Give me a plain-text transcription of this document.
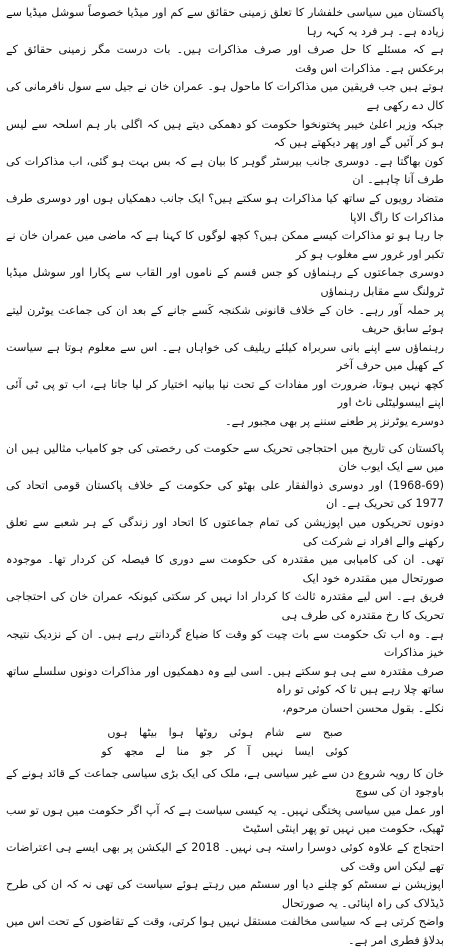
پاکستان میں سیاسی خلفشار کا تعلق زمینی حقائق سے کم اور میڈیا خصوصاً سوشل میڈیا سے زیادہ ہے۔ ہر فرد یہ کہہ رہا

ہے کہ مسئلے کا حل صرف اور صرف مذاکرات ہیں۔ بات درست مگر زمینی حقائق کے برعکس ہے۔ مذاکرات اس وقت

ہوتے ہیں جب فریقین میں مذاکرات کا ماحول ہو۔ عمران خان نے جیل سے سول نافرمانی کی کال دے رکھی ہے

جبکہ وزیر اعلیٰ خیبر پختونخوا حکومت کو دھمکی دیتے ہیں کہ اگلی بار ہم اسلحہ سے لیس ہو کر آئیں گے اور پھر دیکھتے ہیں کہ

کون بھاگتا ہے۔ دوسری جانب بیرسٹر گوہر کا بیان ہے کہ بس بہت ہو گئی، اب مذاکرات کی طرف آنا چاہیے۔ ان

متضاد رویوں کے ساتھ کیا مذاکرات ہو سکتے ہیں؟ ایک جانب دھمکیاں ہوں اور دوسری طرف مذاکرات کا راگ الاپا

جا رہا ہو تو مذاکرات کیسے ممکن ہیں؟ کچھ لوگوں کا کہنا ہے کہ ماضی میں عمران خان نے تکبر اور غرور سے مغلوب ہو کر

دوسری جماعتوں کے رہنماؤں کو جس قسم کے ناموں اور القاب سے پکارا اور سوشل میڈیا ٹرولنگ سے مقابل رہنماؤں

پر حملہ آور رہے۔ خان کے خلاف قانونی شکنجہ کَسے جانے کے بعد ان کی جماعت یوٹرن لیتے ہوئے سابق حریف

رہنماؤں سے اپنے بانی سربراہ کیلئے ریلیف کی خواہاں ہے۔ اس سے معلوم ہوتا ہے سیاست کے کھیل میں حرف آخر

کچھ نہیں ہوتا، ضرورت اور مفادات کے تحت نیا بیانیہ اختیار کر لیا جاتا ہے، اب تو پی ٹی آئی اپنے ایبسولیٹلی ناٹ اور

دوسرے یوٹرنز پر طعنے سننے پر بھی مجبور ہے۔

پاکستان کی تاریخ میں احتجاجی تحریک سے حکومت کی رخصتی کی جو کامیاب مثالیں ہیں ان میں سے ایک ایوب خان

(1968-69) اور دوسری ذوالفقار علی بھٹو کی حکومت کے خلاف پاکستان قومی اتحاد کی 1977 کی تحریک ہے۔ ان

دونوں تحریکوں میں اپوزیشن کی تمام جماعتوں کا اتحاد اور زندگی کے ہر شعبے سے تعلق رکھنے والے افراد نے شرکت کی

تھی۔ ان کی کامیابی میں مقتدرہ کی حکومت سے دوری کا فیصلہ کن کردار تھا۔ موجودہ صورتحال میں مقتدرہ خود ایک

فریق ہے۔ اس لیے مقتدرہ ثالث کا کردار ادا نہیں کر سکتی کیونکہ عمران خان کی احتجاجی تحریک کا رخ مقتدرہ کی طرف ہی

ہے۔ وہ اب تک حکومت سے بات چیت کو وقت کا ضیاع گردانتے رہے ہیں۔ ان کے نزدیک نتیجہ خیز مذاکرات

صرف مقتدرہ سے ہی ہو سکتے ہیں۔ اسی لیے وہ دھمکیوں اور مذاکرات دونوں سلسلے ساتھ ساتھ چلا رہے ہیں تا کہ کوئی تو راہ

نکلے۔ بقول محسن احسان مرحوم،

صبح سے شام ہوئی روٹھا ہوا بیٹھا ہوں

کوئی ایسا نہیں آ کر جو منا لے مجھ کو

خان کا رویہ شروع دن سے غیر سیاسی ہے، ملک کی ایک بڑی سیاسی جماعت کے قائد ہونے کے باوجود ان کی سوچ

اور عمل میں سیاسی پختگی نہیں۔ یہ کیسی سیاست ہے کہ آپ اگر حکومت میں ہوں تو سب ٹھیک، حکومت میں نہیں تو پھر اینٹی اسٹیٹ

احتجاج کے علاوہ کوئی دوسرا راستہ ہی نہیں۔ 2018 کے الیکشن پر بھی ایسے ہی اعتراضات تھے لیکن اس وقت کی

اپوزیشن نے سسٹم کو چلنے دیا اور سسٹم میں رہتے ہوئے سیاست کی تھی نہ کہ ان کی طرح ڈیڈلاک کی راہ اپنائی۔ یہ صورتحال

واضح کرتی ہے کہ سیاسی مخالفت مستقل نہیں ہوا کرتی، وقت کے تقاضوں کے تحت اس میں بدلاؤ فطری امر ہے۔
